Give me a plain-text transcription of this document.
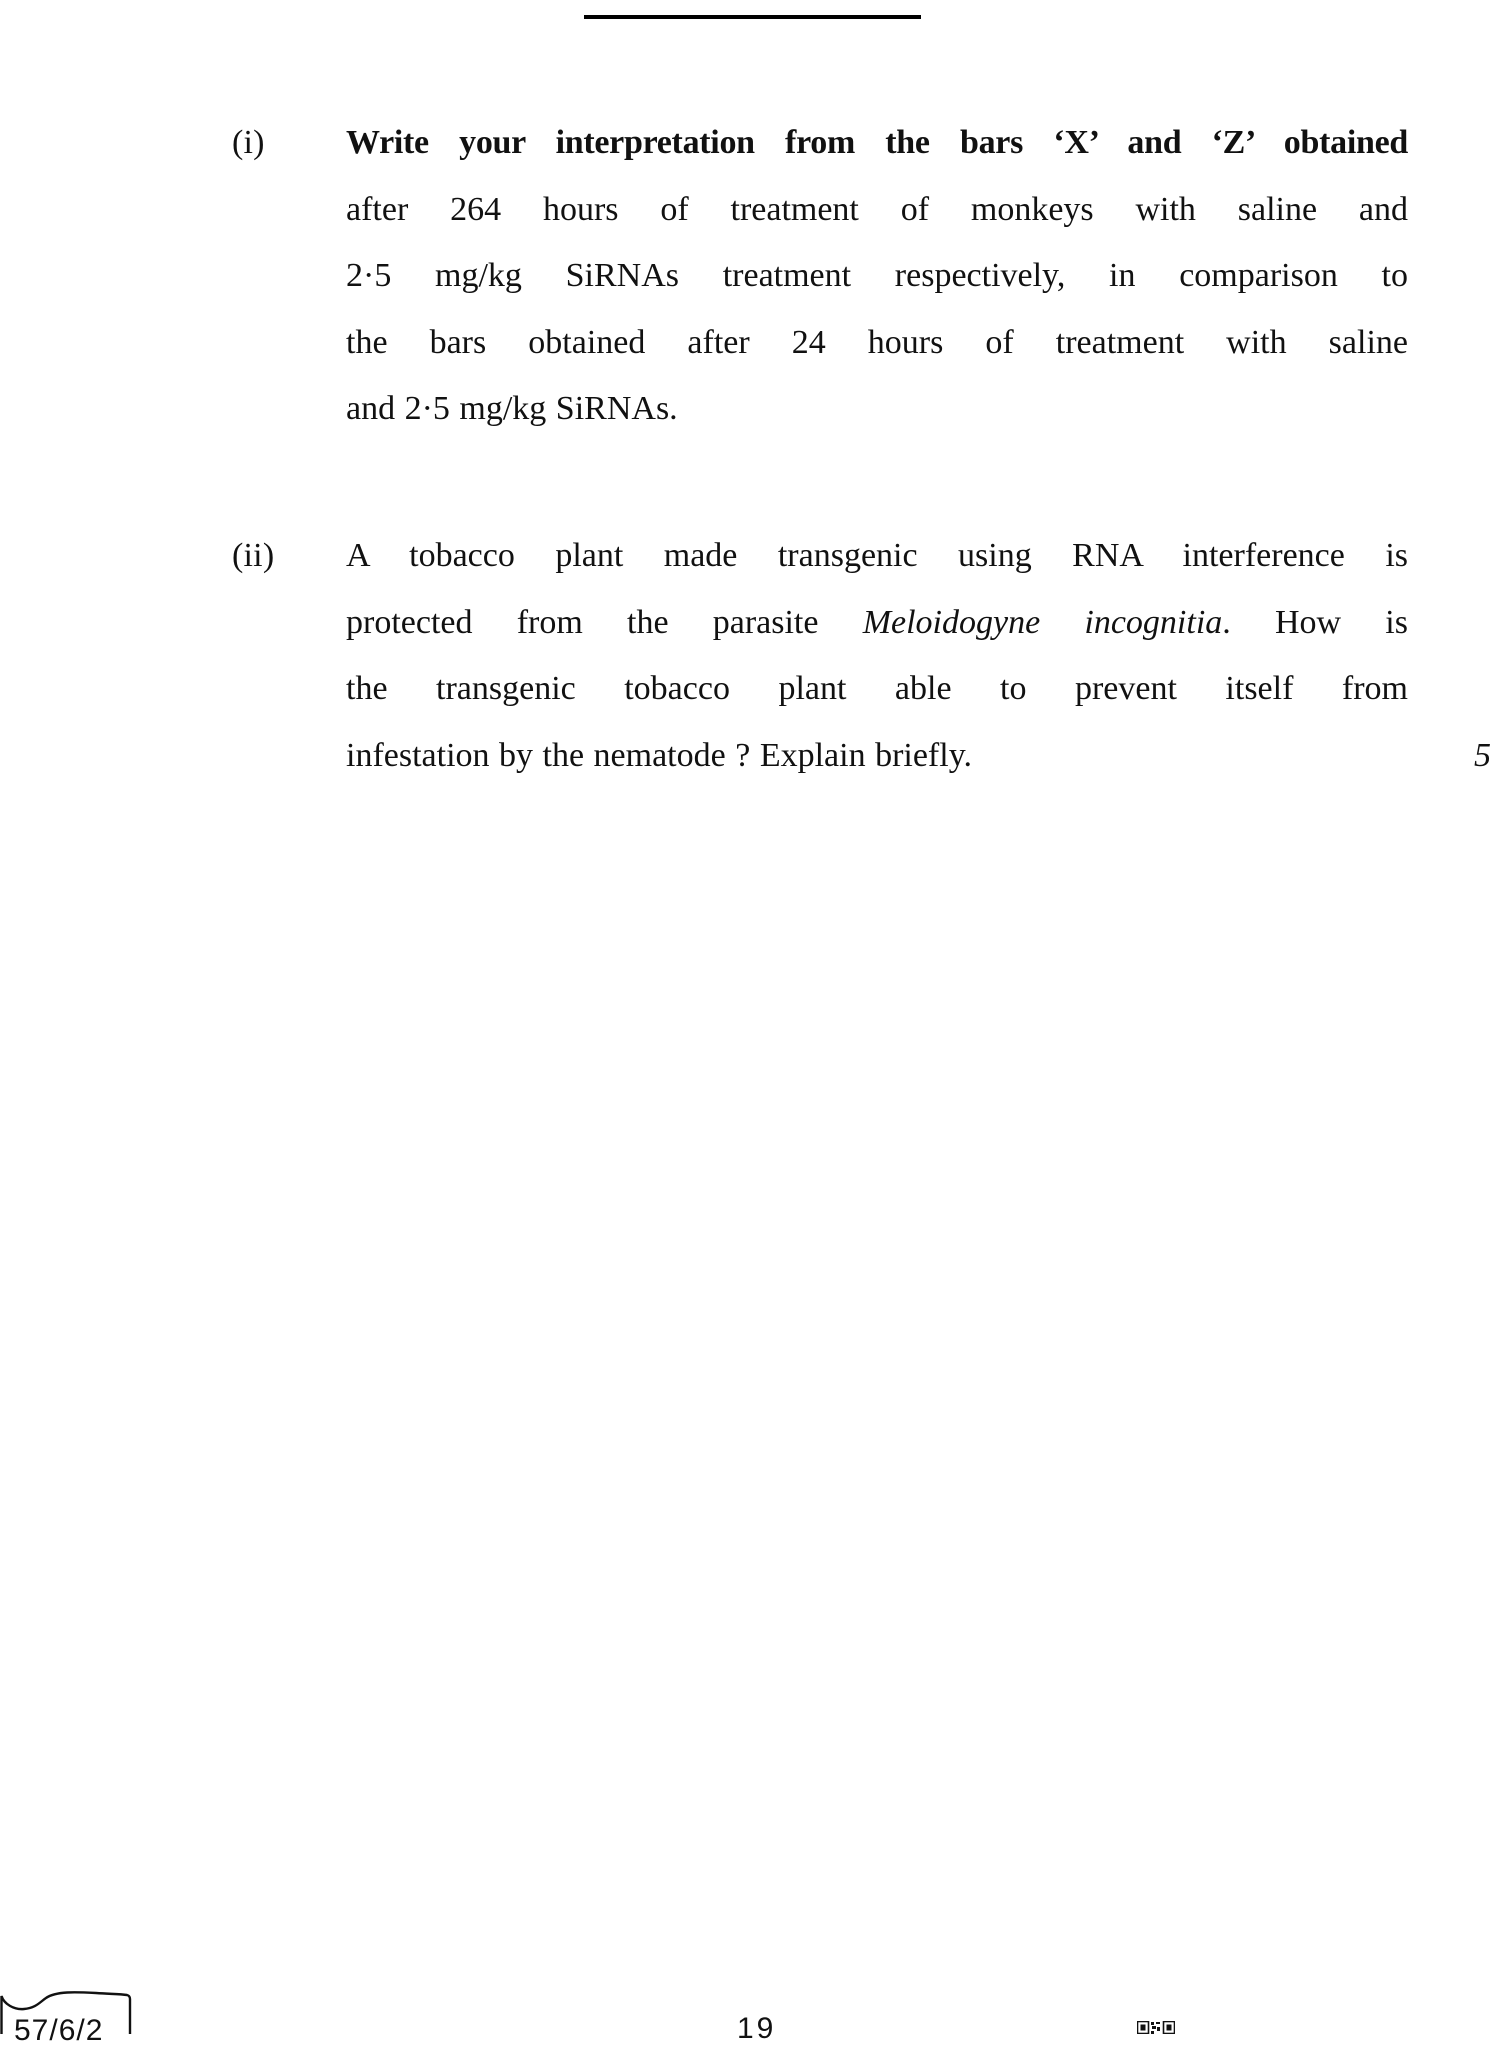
(i) Write your interpretation from the bars ‘X’ and ‘Z’ obtained
after 264 hours of treatment of monkeys with saline and
2·5 mg/kg SiRNAs treatment respectively, in comparison to
the bars obtained after 24 hours of treatment with saline
and 2·5 mg/kg SiRNAs.
(ii) A tobacco plant made transgenic using RNA interference is
protected from the parasite Meloidogyne incognitia. How is
the transgenic tobacco plant able to prevent itself from
infestation by the nematode ? Explain briefly.	5
57/6/2	19
